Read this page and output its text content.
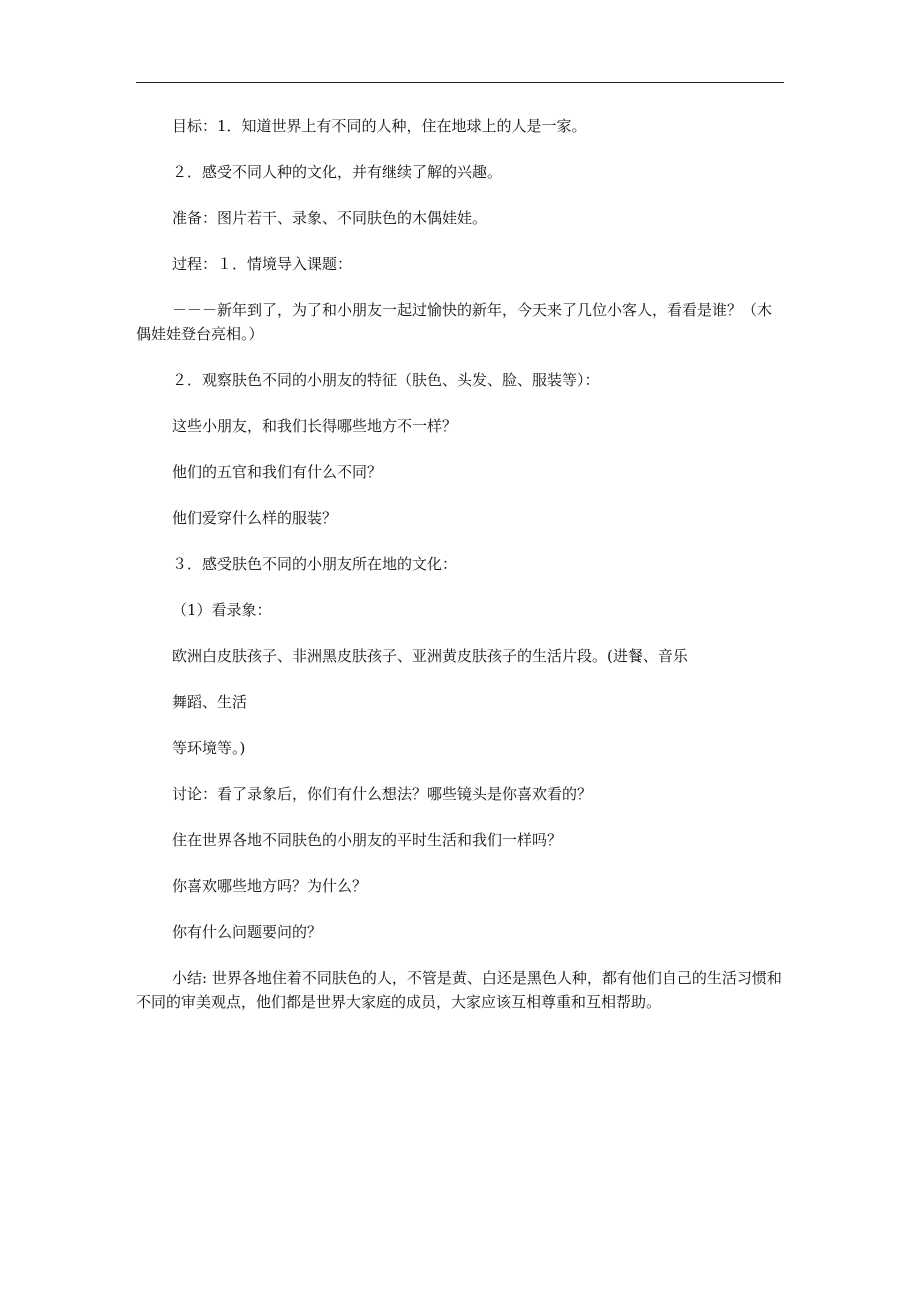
目标：1．知道世界上有不同的人种，住在地球上的人是一家。

２．感受不同人种的文化，并有继续了解的兴趣。

准备：图片若干、录象、不同肤色的木偶娃娃。

过程：１．情境导入课题：

－－－新年到了，为了和小朋友一起过愉快的新年，今天来了几位小客人，看看是谁？（木偶娃娃登台亮相。）

２．观察肤色不同的小朋友的特征（肤色、头发、脸、服装等）：

这些小朋友，和我们长得哪些地方不一样？

他们的五官和我们有什么不同？

他们爱穿什么样的服装？

３．感受肤色不同的小朋友所在地的文化：

（1）看录象：

欧洲白皮肤孩子、非洲黑皮肤孩子、亚洲黄皮肤孩子的生活片段。(进餐、音乐

舞蹈、生活

等环境等。)

讨论：看了录象后，你们有什么想法？哪些镜头是你喜欢看的？

住在世界各地不同肤色的小朋友的平时生活和我们一样吗？

你喜欢哪些地方吗？为什么？

你有什么问题要问的？

小结: 世界各地住着不同肤色的人，不管是黄、白还是黑色人种，都有他们自己的生活习惯和不同的审美观点，他们都是世界大家庭的成员，大家应该互相尊重和互相帮助。
